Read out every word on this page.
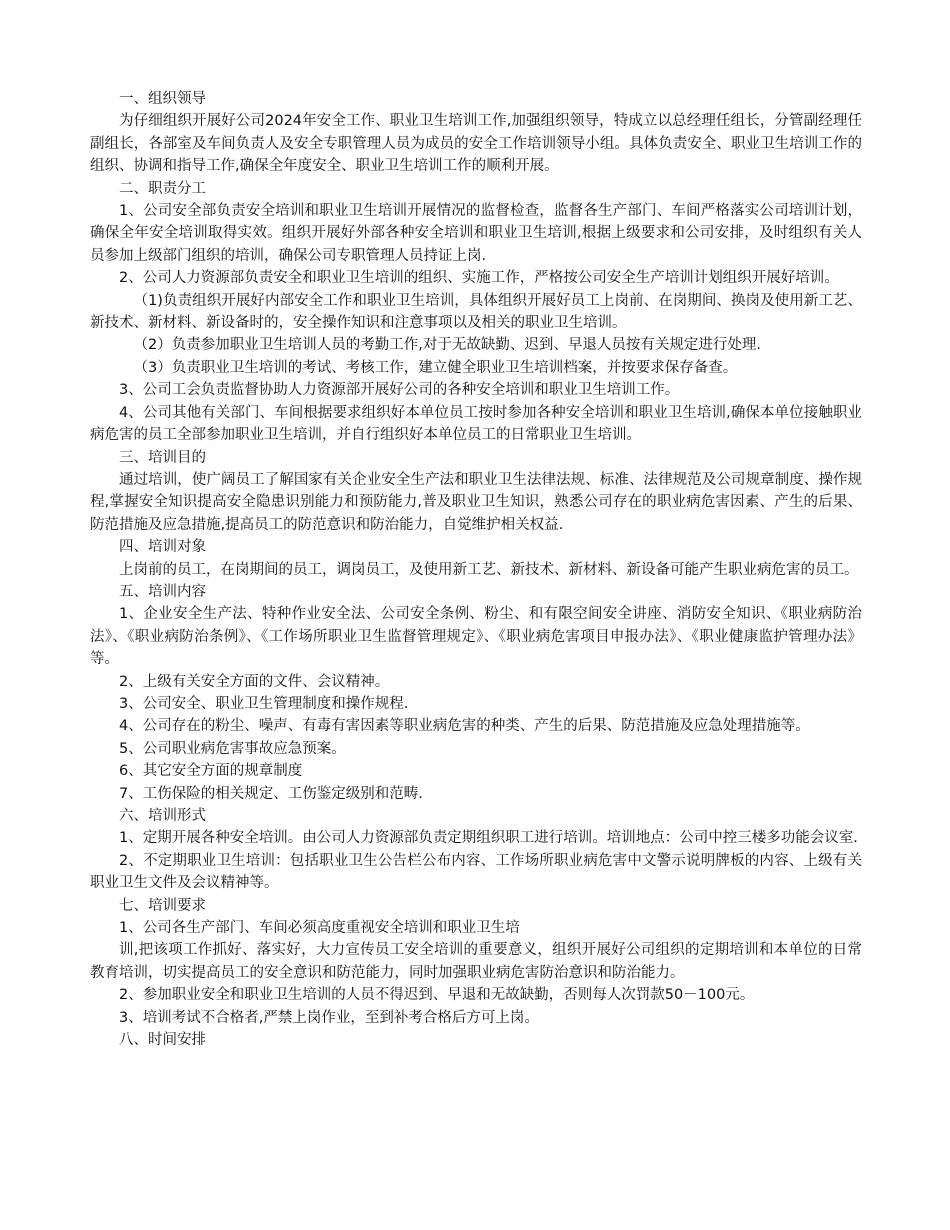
一、组织领导

为仔细组织开展好公司2024年安全工作、职业卫生培训工作,加强组织领导，特成立以总经理任组长，分管副经理任副组长，各部室及车间负责人及安全专职管理人员为成员的安全工作培训领导小组。具体负责安全、职业卫生培训工作的组织、协调和指导工作,确保全年度安全、职业卫生培训工作的顺利开展。

二、职责分工

1、公司安全部负责安全培训和职业卫生培训开展情况的监督检查，监督各生产部门、车间严格落实公司培训计划，确保全年安全培训取得实效。组织开展好外部各种安全培训和职业卫生培训,根据上级要求和公司安排，及时组织有关人员参加上级部门组织的培训，确保公司专职管理人员持证上岗.

2、公司人力资源部负责安全和职业卫生培训的组织、实施工作，严格按公司安全生产培训计划组织开展好培训。

（1)负责组织开展好内部安全工作和职业卫生培训，具体组织开展好员工上岗前、在岗期间、换岗及使用新工艺、新技术、新材料、新设备时的，安全操作知识和注意事项以及相关的职业卫生培训。

（2）负责参加职业卫生培训人员的考勤工作,对于无故缺勤、迟到、早退人员按有关规定进行处理.

（3）负责职业卫生培训的考试、考核工作，建立健全职业卫生培训档案，并按要求保存备查。

3、公司工会负责监督协助人力资源部开展好公司的各种安全培训和职业卫生培训工作。

4、公司其他有关部门、车间根据要求组织好本单位员工按时参加各种安全培训和职业卫生培训,确保本单位接触职业病危害的员工全部参加职业卫生培训，并自行组织好本单位员工的日常职业卫生培训。

三、培训目的

通过培训，使广阔员工了解国家有关企业安全生产法和职业卫生法律法规、标准、法律规范及公司规章制度、操作规程,掌握安全知识提高安全隐患识别能力和预防能力,普及职业卫生知识，熟悉公司存在的职业病危害因素、产生的后果、防范措施及应急措施,提高员工的防范意识和防治能力，自觉维护相关权益.

四、培训对象

上岗前的员工，在岗期间的员工，调岗员工，及使用新工艺、新技术、新材料、新设备可能产生职业病危害的员工。

五、培训内容

1、企业安全生产法、特种作业安全法、公司安全条例、粉尘、和有限空间安全讲座、消防安全知识、《职业病防治法》、《职业病防治条例》、《工作场所职业卫生监督管理规定》、《职业病危害项目申报办法》、《职业健康监护管理办法》等。

2、上级有关安全方面的文件、会议精神。

3、公司安全、职业卫生管理制度和操作规程.

4、公司存在的粉尘、噪声、有毒有害因素等职业病危害的种类、产生的后果、防范措施及应急处理措施等。

5、公司职业病危害事故应急预案。

6、其它安全方面的规章制度

7、工伤保险的相关规定、工伤鉴定级别和范畴.

六、培训形式

1、定期开展各种安全培训。由公司人力资源部负责定期组织职工进行培训。培训地点：公司中控三楼多功能会议室.

2、不定期职业卫生培训：包括职业卫生公告栏公布内容、工作场所职业病危害中文警示说明牌板的内容、上级有关职业卫生文件及会议精神等。

七、培训要求

1、公司各生产部门、车间必须高度重视安全培训和职业卫生培

训,把该项工作抓好、落实好，大力宣传员工安全培训的重要意义，组织开展好公司组织的定期培训和本单位的日常教育培训，切实提高员工的安全意识和防范能力，同时加强职业病危害防治意识和防治能力。

2、参加职业安全和职业卫生培训的人员不得迟到、早退和无故缺勤，否则每人次罚款50－100元。

3、培训考试不合格者,严禁上岗作业，至到补考合格后方可上岗。

八、时间安排
